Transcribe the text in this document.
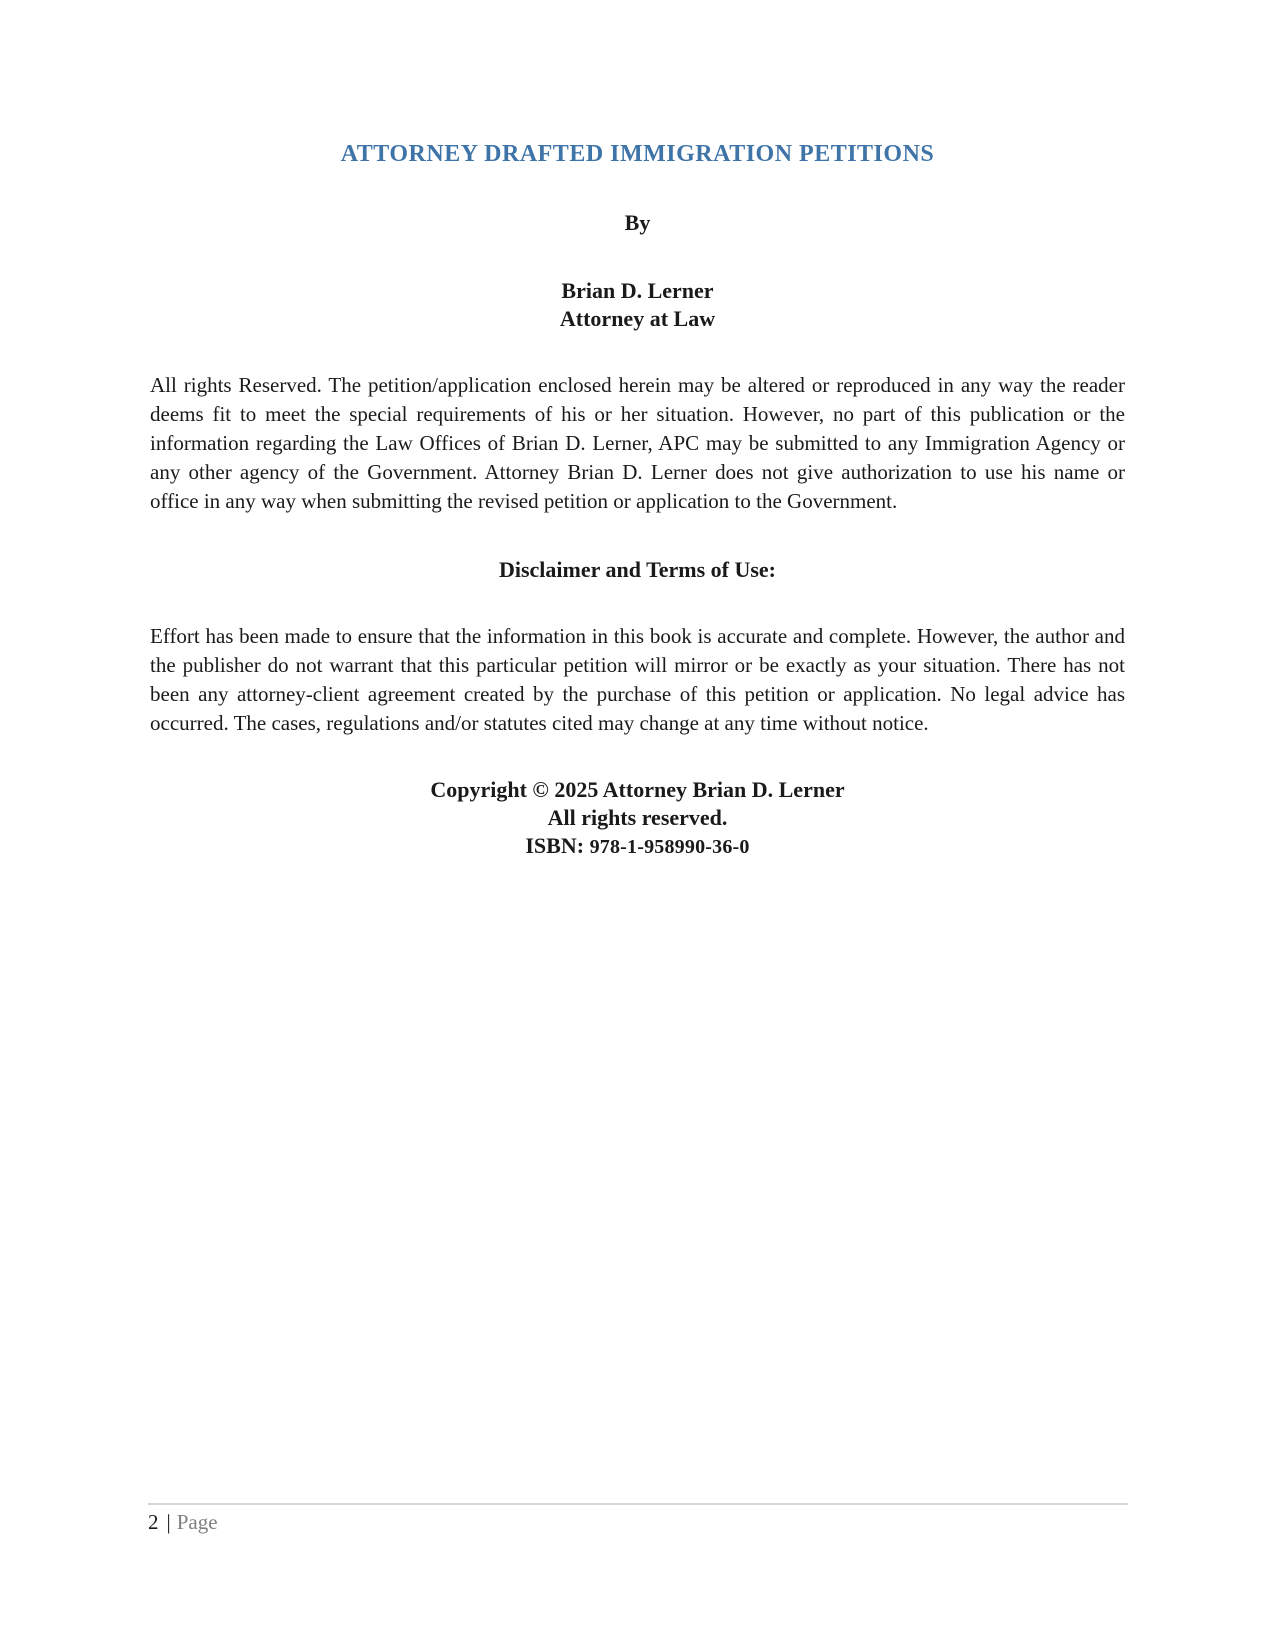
ATTORNEY DRAFTED IMMIGRATION PETITIONS
By
Brian D. Lerner
Attorney at Law
All rights Reserved. The petition/application enclosed herein may be altered or reproduced in any way the reader deems fit to meet the special requirements of his or her situation. However, no part of this publication or the information regarding the Law Offices of Brian D. Lerner, APC may be submitted to any Immigration Agency or any other agency of the Government. Attorney Brian D. Lerner does not give authorization to use his name or office in any way when submitting the revised petition or application to the Government.
Disclaimer and Terms of Use:
Effort has been made to ensure that the information in this book is accurate and complete. However, the author and the publisher do not warrant that this particular petition will mirror or be exactly as your situation. There has not been any attorney-client agreement created by the purchase of this petition or application. No legal advice has occurred. The cases, regulations and/or statutes cited may change at any time without notice.
Copyright © 2025 Attorney Brian D. Lerner
All rights reserved.
ISBN: 978-1-958990-36-0
2 | Page
